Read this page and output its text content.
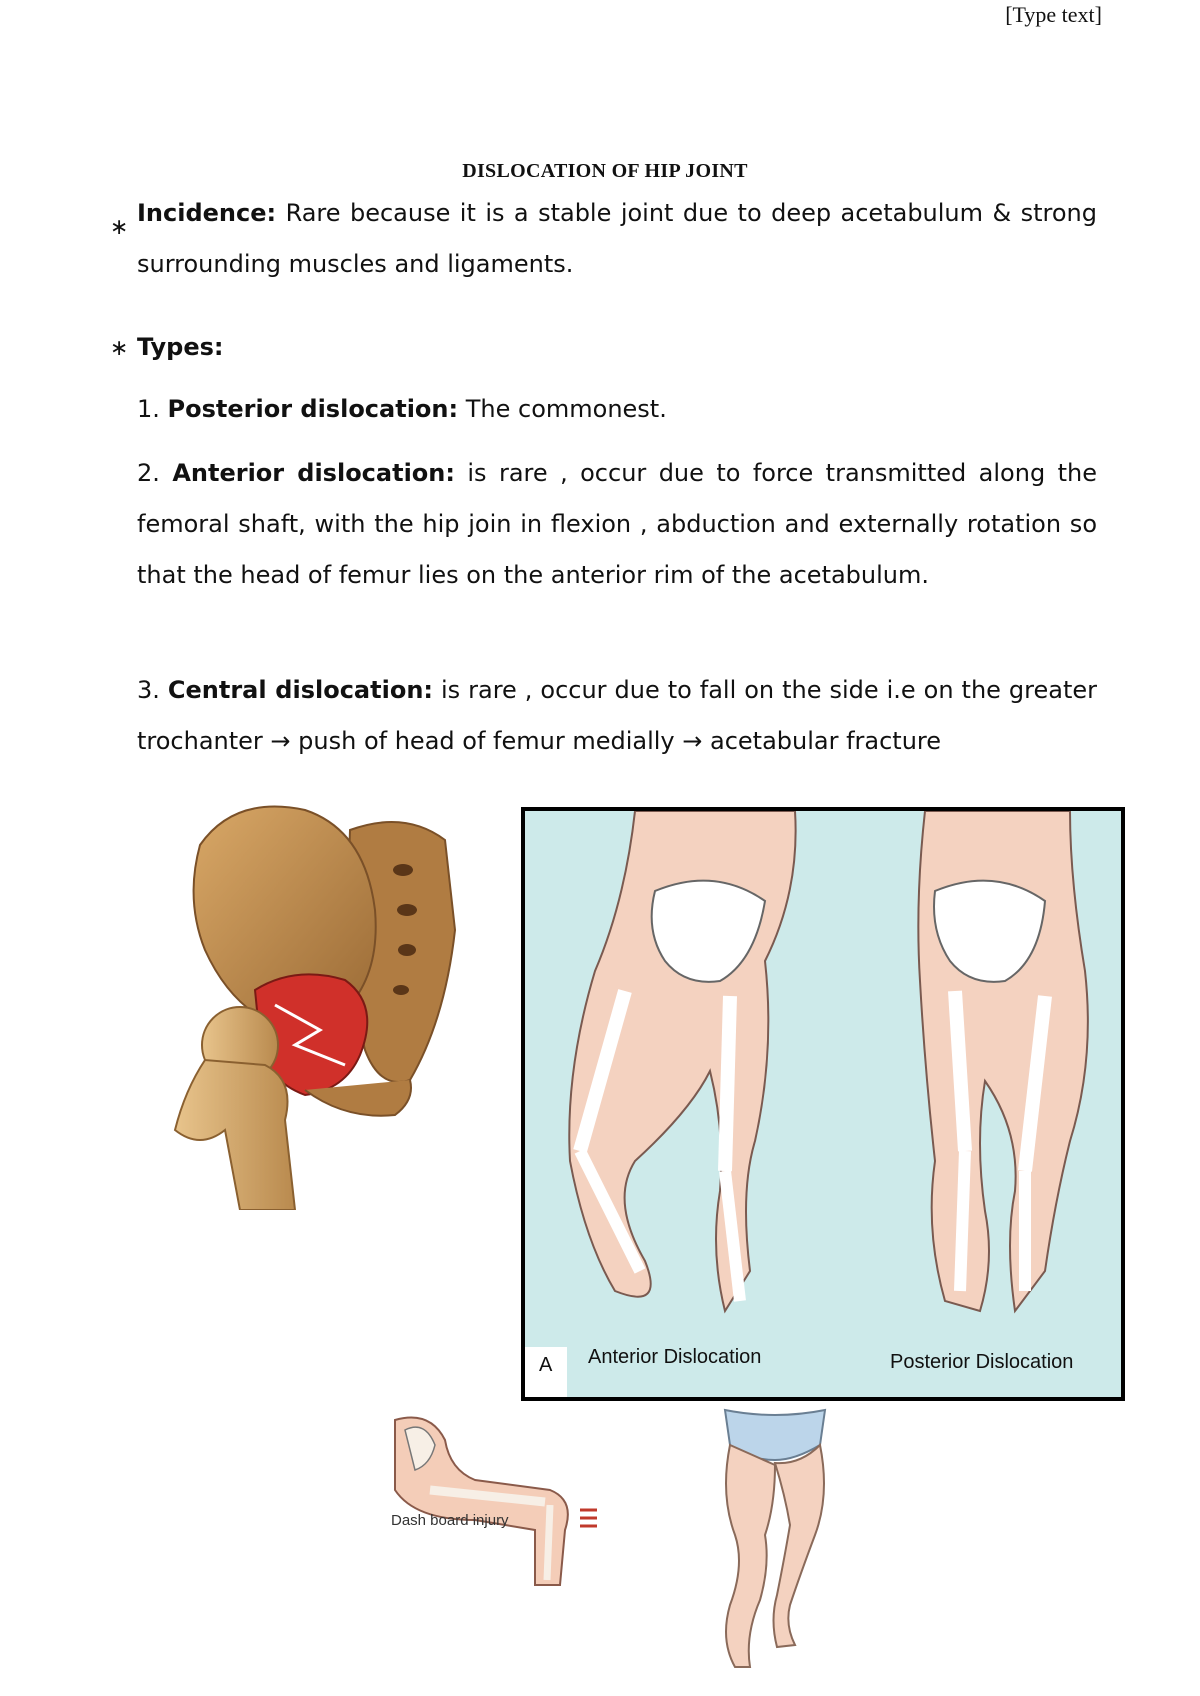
[Type text]
DISLOCATION OF HIP JOINT
∗
Incidence: Rare because it is a stable joint due to deep acetabulum & strong surrounding muscles and ligaments.
∗ Types:
1. Posterior dislocation: The commonest.
2. Anterior dislocation: is rare , occur due to force transmitted along the femoral shaft, with the hip join in flexion , abduction and externally rotation so that the head of femur lies on the anterior rim of the acetabulum.
3. Central dislocation: is rare , occur due to fall on the side i.e on the greater trochanter → push of head of femur medially → acetabular fracture
A Anterior Dislocation	Posterior Dislocation
Dash board injury
